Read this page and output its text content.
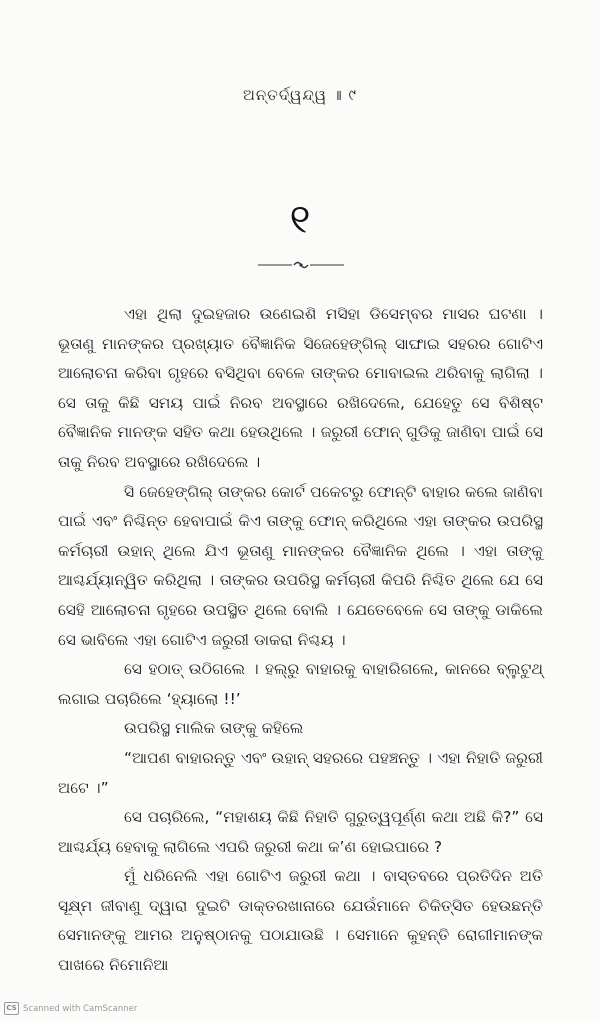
ଅନ୍ତର୍ଦ୍ୱନ୍ଦ୍ୱ ॥ ୯
୧

ଏହା ଥିଲା ଦୁଇହଜାର ଉଣେଇଶି ମସିହା ଡିସେମ୍ବର ମାସର ଘଟଣା । ଭୂତାଣୁ ମାନଙ୍କର ପ୍ରଖ୍ୟାତ ବୈଜ୍ଞାନିକ ସିଜେହେଙ୍ଗିଲ୍ ସାଙ୍ଘାଇ ସହରର ଗୋଟିଏ ଆଲୋଚନା କରିବା ଗୃହରେ ବସିଥିବା ବେଳେ ତାଙ୍କର ମୋବାଇଲ ଥରିବାକୁ ଲାଗିଲା । ସେ ତାକୁ କିଛି ସମୟ ପାଇଁ ନିରବ ଅବସ୍ଥାରେ ରଖିଦେଲେ, ଯେହେତୁ ସେ ବିଶିଷ୍ଟ ବୈଜ୍ଞାନିକ ମାନଙ୍କ ସହିତ କଥା ହେଉଥିଲେ । ଜରୁରୀ ଫୋନ୍ ଗୁଡିକୁ ଜାଣିବା ପାଇଁ ସେ ତାକୁ ନିରବ ଅବସ୍ଥାରେ ରଖିଦେଲେ ।

ସି ଜେହେଙ୍ଗିଲ୍ ତାଙ୍କର କୋର୍ଟ ପକେଟରୁ ଫୋନ୍ଟି ବାହାର କଲେ ଜାଣିବା ପାଇଁ ଏବଂ ନିଶ୍ଚିନ୍ତ ହେବାପାଇଁ କିଏ ତାଙ୍କୁ ଫୋନ୍ କରିଥିଲେ ଏହା ତାଙ୍କର ଉପରିସ୍ଥ କର୍ମଚାରୀ ଉହାନ୍ ଥିଲେ ଯିଏ ଭୂତାଣୁ ମାନଙ୍କର ବୈଜ୍ଞାନିକ ଥିଲେ । ଏହା ତାଙ୍କୁ ଆଶ୍ଚର୍ଯ୍ୟାନ୍ୱିତ କରିଥିଲା । ତାଙ୍କର ଉପରିସ୍ଥ କର୍ମଚାରୀ କିପରି ନିଶ୍ଚିତ ଥିଲେ ଯେ ସେ ସେହି ଆଲୋଚନା ଗୃହରେ ଉପସ୍ଥିତ ଥିଲେ ବୋଲି । ଯେତେବେଳେ ସେ ତାଙ୍କୁ ଡାକିଲେ ସେ ଭାବିଲେ ଏହା ଗୋଟିଏ ଜରୁରୀ ଡାକରା ନିଶ୍ଚୟ ।

ସେ ହଠାତ୍ ଉଠିଗଲେ । ହଲ୍‌ରୁ ବାହାରକୁ ବାହାରିଗଲେ, କାନରେ ବ୍ଲୁଟୁଥ୍ ଲଗାଇ ପଚାରିଲେ ‘ହ୍ୟାଲୋ !!’

ଉପରିସ୍ଥ ମାଲିକ ତାଙ୍କୁ କହିଲେ

“ଆପଣ ବାହାରନ୍ତୁ ଏବଂ ଉହାନ୍ ସହରରେ ପହଞ୍ଚନ୍ତୁ । ଏହା ନିହାତି ଜରୁରୀ ଅଟେ ।”

ସେ ପଚାରିଲେ, “ମହାଶୟ କିଛି ନିହାତି ଗୁରୁତ୍ୱପୂର୍ଣ୍ଣ କଥା ଅଛି କି?” ସେ ଆଶ୍ଚର୍ଯ୍ୟ ହେବାକୁ ଲାଗିଲେ ଏପରି ଜରୁରୀ କଥା କ’ଣ ହୋଇପାରେ ?

ମୁଁ ଧରିନେଲି ଏହା ଗୋଟିଏ ଜରୁରୀ କଥା । ବାସ୍ତବରେ ପ୍ରତିଦିନ ଅତି ସୂକ୍ଷ୍ମ ଜୀବାଣୁ ଦ୍ୱାରା ଦୁଇଟି ଡାକ୍ତରଖାନାରେ ଯେଉଁମାନେ ଚିକିତ୍ସିତ ହେଉଛନ୍ତି ସେମାନଙ୍କୁ ଆମର ଅନୁଷ୍ଠାନକୁ ପଠାଯାଉଛି । ସେମାନେ କୁହନ୍ତି ରୋଗୀମାନଙ୍କ ପାଖରେ ନିମୋନିଆ

CS Scanned with CamScanner
